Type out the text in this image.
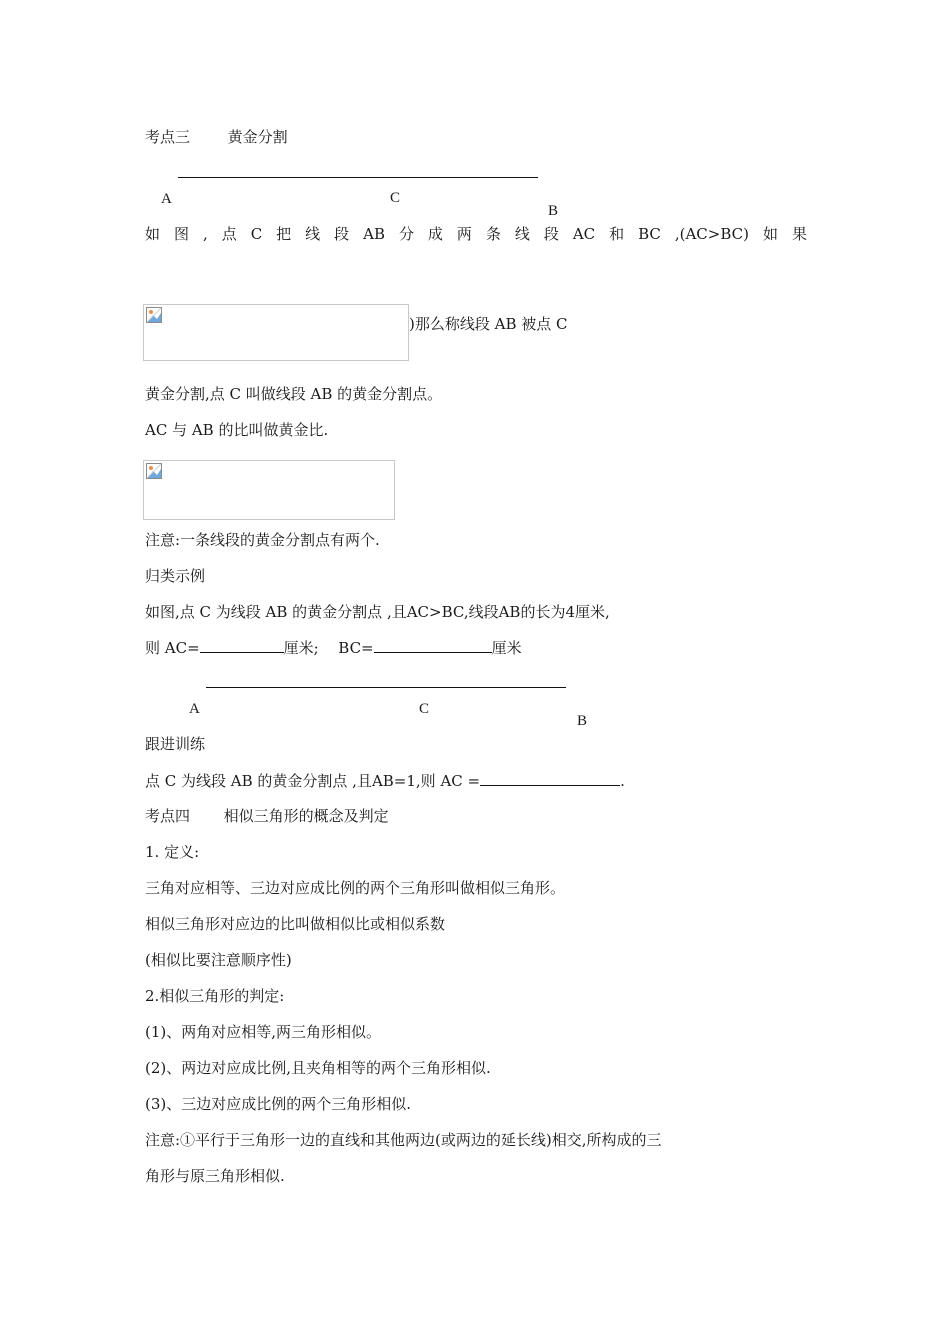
考点三	黄金分割
A	C
B
如 图 , 点 C 把 线 段 AB 分 成 两 条 线 段 AC 和 BC ,(AC>BC) 如 果
)那么称线段 AB 被点 C
黄金分割,点 C 叫做线段 AB 的黄金分割点。
AC 与 AB 的比叫做黄金比.
注意:一条线段的黄金分割点有两个.
归类示例
如图,点 C 为线段 AB 的黄金分割点 ,且AC>BC,线段AB的长为4厘米,
则 AC=	厘米; BC=	厘米
A	C
B
跟进训练
点 C 为线段 AB 的黄金分割点 ,且AB=1,则 AC =	.
考点四 相似三角形的概念及判定
1. 定义:
三角对应相等、三边对应成比例的两个三角形叫做相似三角形。
相似三角形对应边的比叫做相似比或相似系数
(相似比要注意顺序性)
2.相似三角形的判定:
(1)、两角对应相等,两三角形相似。
(2)、两边对应成比例,且夹角相等的两个三角形相似.
(3)、三边对应成比例的两个三角形相似.
注意:①平行于三角形一边的直线和其他两边(或两边的延长线)相交,所构成的三
角形与原三角形相似.
